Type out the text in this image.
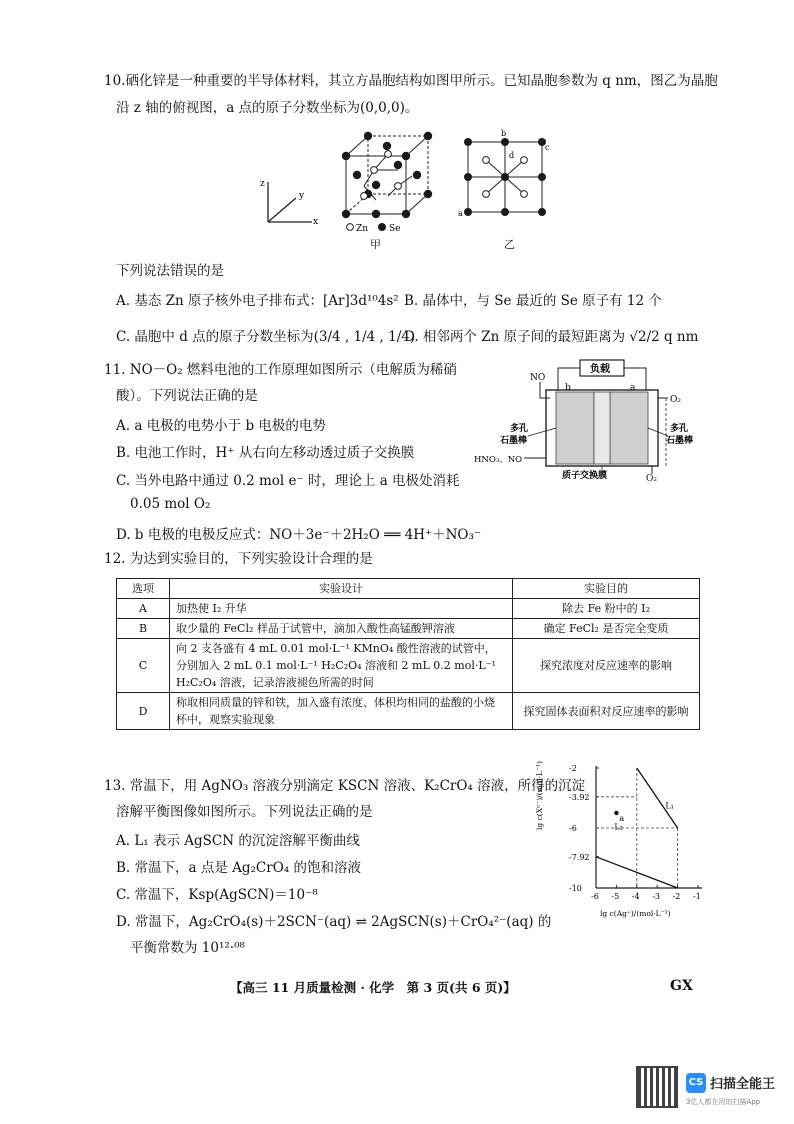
10.硒化锌是一种重要的半导体材料，其立方晶胞结构如图甲所示。已知晶胞参数为 q nm，图乙为晶胞
沿 z 轴的俯视图，a 点的原子分数坐标为(0,0,0)。
z
y
x
Zn Se
甲
b
c
d
a
乙
下列说法错误的是
A. 基态 Zn 原子核外电子排布式：[Ar]3d¹⁰4s² B. 晶体中，与 Se 最近的 Se 原子有 12 个
C. 晶胞中 d 点的原子分数坐标为(3/4 , 1/4 , 1/4)
D. 相邻两个 Zn 原子间的最短距离为 √2/2 q nm
11. NO－O₂ 燃料电池的工作原理如图所示（电解质为稀硝
酸）。下列说法正确的是
A. a 电极的电势小于 b 电极的电势
B. 电池工作时，H⁺ 从右向左移动透过质子交换膜
C. 当外电路中通过 0.2 mol e⁻ 时，理论上 a 电极处消耗
0.05 mol O₂
D. b 电极的电极反应式：NO＋3e⁻＋2H₂O ══ 4H⁺＋NO₃⁻
负载
b	a
NO
O₂
多孔
石墨棒
多孔
石墨棒
HNO₃、NO
质子交换膜	O₂
12. 为达到实验目的，下列实验设计合理的是
选项	实验设计	实验目的
A	加热使 I₂ 升华	除去 Fe 粉中的 I₂
B	取少量的 FeCl₂ 样品于试管中，滴加入酸性高锰酸钾溶液	确定 FeCl₂ 是否完全变质
C	向 2 支各盛有 4 mL 0.01 mol·L⁻¹ KMnO₄ 酸性溶液的试管中，
分别加入 2 mL 0.1 mol·L⁻¹ H₂C₂O₄ 溶液和 2 mL 0.2 mol·L⁻¹
H₂C₂O₄ 溶液，记录溶液褪色所需的时间	探究浓度对反应速率的影响
D	称取相同质量的锌和铁，加入盛有浓度、体积均相同的盐酸的小烧
杯中，观察实验现象	探究固体表面积对反应速率的影响
13. 常温下，用 AgNO₃ 溶液分别滴定 KSCN 溶液、K₂CrO₄ 溶液，所得的沉淀
溶解平衡图像如图所示。下列说法正确的是
A. L₁ 表示 AgSCN 的沉淀溶解平衡曲线
B. 常温下，a 点是 Ag₂CrO₄ 的饱和溶液
C. 常温下，Ksp(AgSCN)＝10⁻⁸
D. 常温下，Ag₂CrO₄(s)＋2SCN⁻(aq) ⇌ 2AgSCN(s)＋CrO₄²⁻(aq) 的
平衡常数为 10¹²·⁰⁸
-6 -5 -4 -3 -2 -1
-2
-3.92
-6
-7.92
-10
a
L₁
L₂
lg c(Xⁿ⁻)/(mol·L⁻¹)
lg c(Ag⁺)/(mol·L⁻¹)
【高三 11 月质量检测 · 化学　第 3 页(共 6 页)】	GX
CS 扫描全能王
3亿人都在用的扫描App
